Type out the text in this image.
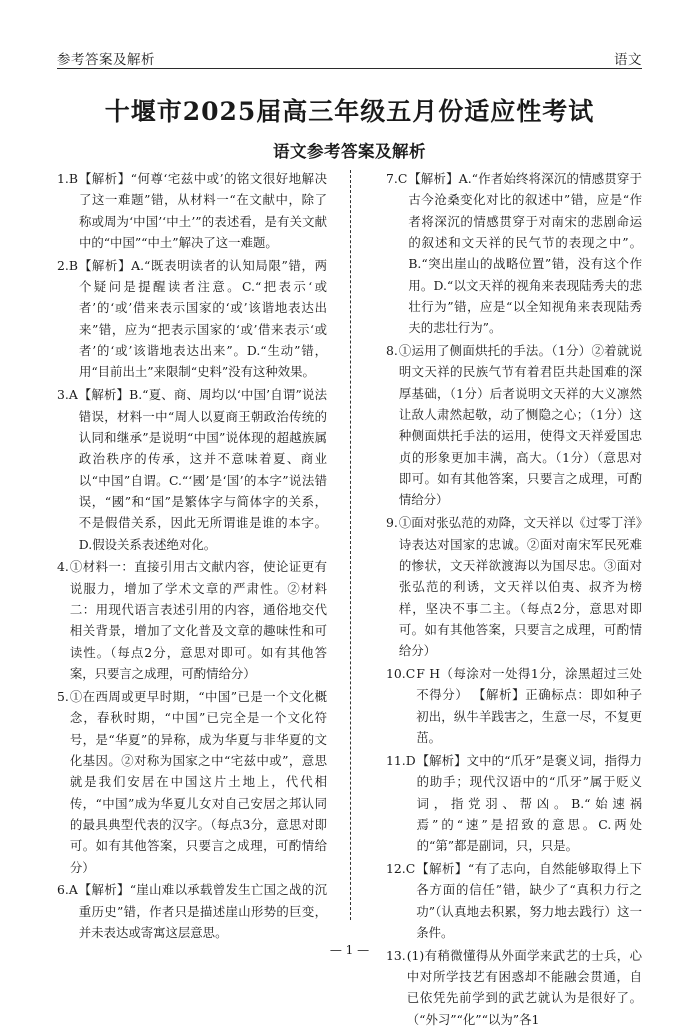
参考答案及解析	语文
十堰市2025届高三年级五月份适应性考试
语文参考答案及解析
1.B 【解析】“何尊‘宅兹中或’的铭文很好地解决了这一难题”错，从材料一“在文献中，除了称或周为‘中国’‘中土’”的表述看，是有关文献中的“中国”“中土”解决了这一难题。
2.B 【解析】A.“既表明读者的认知局限”错，两个疑问是提醒读者注意。C.“把表示‘或者’的‘或’借来表示国家的‘或’该谐地表达出来”错，应为“把表示国家的‘或’借来表示‘或者’的‘或’该谐地表达出来”。D.“生动”错，用“目前出土”来限制“史料”没有这种效果。
3.A 【解析】B.“夏、商、周均以‘中国’自谓”说法错误，材料一中“周人以夏商王朝政治传统的认同和继承”是说明“中国”说体现的超越族属政治秩序的传承，这并不意味着夏、商业以“中国”自谓。C.“‘國’是‘国’的本字”说法错误，“國”和“国”是繁体字与简体字的关系，不是假借关系，因此无所谓谁是谁的本字。D.假设关系表述绝对化。
4. ①材料一：直接引用古文献内容，使论证更有说服力，增加了学术文章的严肃性。②材料二：用现代语言表述引用的内容，通俗地交代相关背景，增加了文化普及文章的趣味性和可读性。（每点2分，意思对即可。如有其他答案，只要言之成理，可酌情给分）
5. ①在西周或更早时期，“中国”已是一个文化概念，春秋时期，“中国”已完全是一个文化符号，是“华夏”的异称，成为华夏与非华夏的文化基因。②对称为国家之中“宅兹中或”，意思就是我们安居在中国这片土地上，代代相传，“中国”成为华夏儿女对自己安居之邦认同的最具典型代表的汉字。（每点3分，意思对即可。如有其他答案，只要言之成理，可酌情给分）
6.A 【解析】“崖山难以承载曾发生亡国之战的沉重历史”错，作者只是描述崖山形势的巨变，并未表达或寄寓这层意思。
7.C 【解析】A.“作者始终将深沉的情感贯穿于古今沧桑变化对比的叙述中”错，应是“作者将深沉的情感贯穿于对南宋的悲剧命运的叙述和文天祥的民气节的表现之中”。B.“突出崖山的战略位置”错，没有这个作用。D.“以文天祥的视角来表现陆秀夫的悲壮行为”错，应是“以全知视角来表现陆秀夫的悲壮行为”。
8. ①运用了侧面烘托的手法。（1分）②着就说明文天祥的民族气节有着君臣共赴国难的深厚基础，（1分）后者说明文天祥的大义凛然让敌人肃然起敬，动了恻隐之心；（1分）这种侧面烘托手法的运用，使得文天祥爱国忠贞的形象更加丰满，高大。（1分）（意思对即可。如有其他答案，只要言之成理，可酌情给分）
9. ①面对张弘范的劝降，文天祥以《过零丁洋》诗表达对国家的忠诚。②面对南宋军民死难的惨状，文天祥欲渡海以为国尽忠。③面对张弘范的利诱，文天祥以伯夷、叔齐为榜样，坚决不事二主。（每点2分，意思对即可。如有其他答案，只要言之成理，可酌情给分）
10.C F H（每涂对一处得1分，涂黑超过三处不得分） 【解析】正确标点：即如种子初出，纵牛羊践害之，生意一尽，不复更茁。
11.D 【解析】文中的“爪牙”是褒义词，指得力的助手；现代汉语中的“爪牙”属于贬义词，指党羽、帮凶。B.“始速祸焉”的“速”是招致的意思。C.两处的“第”都是副词，只，只是。
12.C 【解析】“有了志向，自然能够取得上下各方面的信任”错，缺少了“真积力行之功”（认真地去积累，努力地去践行）这一条件。
13. (1)有稍微懂得从外面学来武艺的士兵，心中对所学技艺有困惑却不能融会贯通，自已依凭先前学到的武艺就认为是很好了。（“外习”“化”“以为”各1
— 1 —
